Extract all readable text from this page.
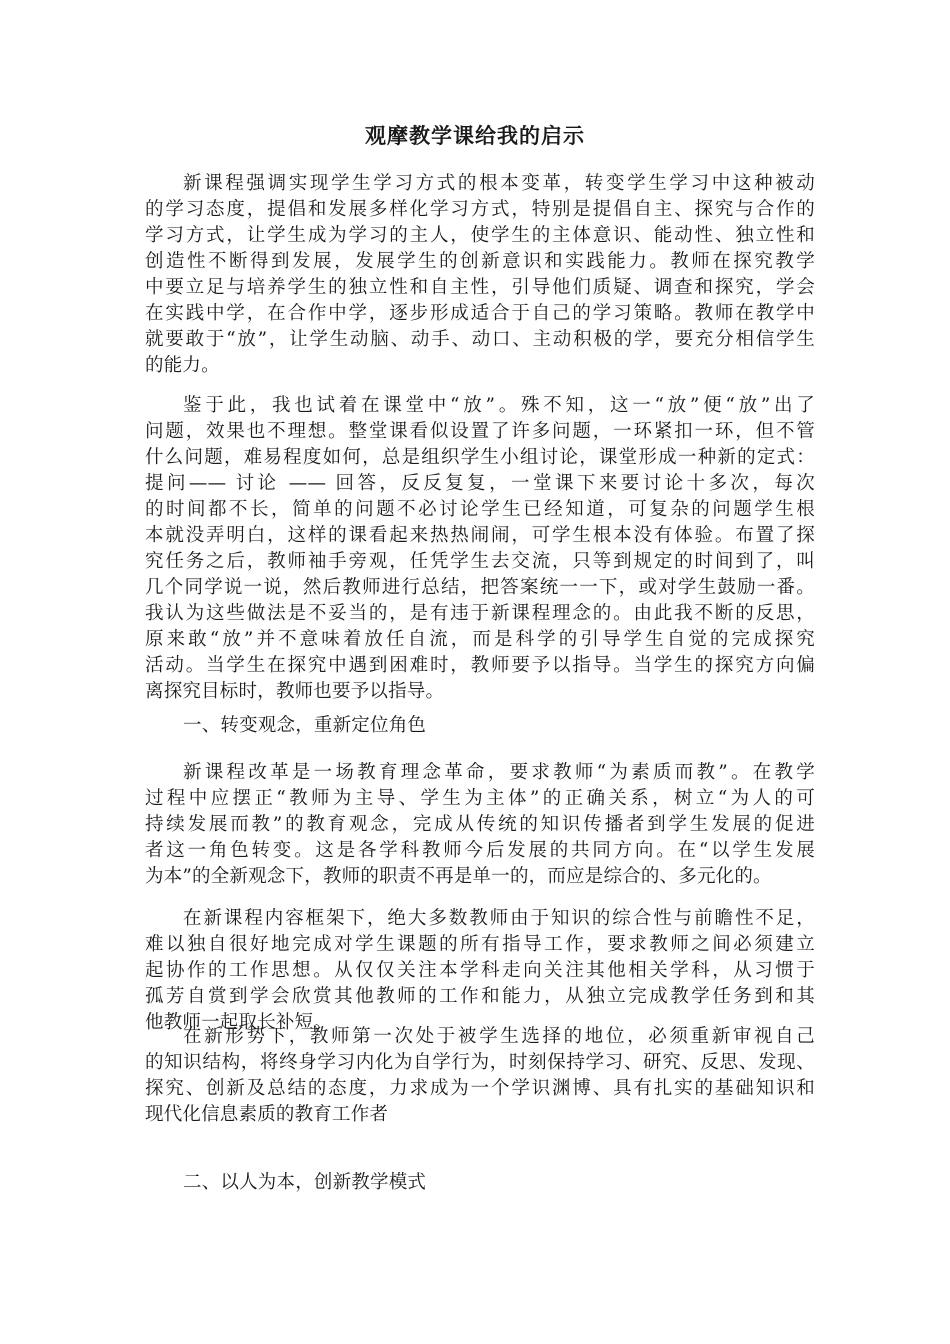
观摩教学课给我的启示
新课程强调实现学生学习方式的根本变革，转变学生学习中这种被动
的学习态度，提倡和发展多样化学习方式，特别是提倡自主、探究与合作的
学习方式，让学生成为学习的主人，使学生的主体意识、能动性、独立性和
创造性不断得到发展，发展学生的创新意识和实践能力。教师在探究教学
中要立足与培养学生的独立性和自主性，引导他们质疑、调查和探究，学会
在实践中学，在合作中学，逐步形成适合于自己的学习策略。教师在教学中
就要敢于“放”，让学生动脑、动手、动口、主动积极的学，要充分相信学生
的能力。
鉴于此，我也试着在课堂中“放”。殊不知，这一“放”便“放”出了
问题，效果也不理想。整堂课看似设置了许多问题，一环紧扣一环，但不管
什么问题，难易程度如何，总是组织学生小组讨论，课堂形成一种新的定式：
提问—— 讨论 —— 回答，反反复复，一堂课下来要讨论十多次，每次
的时间都不长，简单的问题不必讨论学生已经知道，可复杂的问题学生根
本就没弄明白，这样的课看起来热热闹闹，可学生根本没有体验。布置了探
究任务之后，教师袖手旁观，任凭学生去交流，只等到规定的时间到了，叫
几个同学说一说，然后教师进行总结，把答案统一一下，或对学生鼓励一番。
我认为这些做法是不妥当的，是有违于新课程理念的。由此我不断的反思，
原来敢“放”并不意味着放任自流，而是科学的引导学生自觉的完成探究
活动。当学生在探究中遇到困难时，教师要予以指导。当学生的探究方向偏
离探究目标时，教师也要予以指导。
一、转变观念，重新定位角色
新课程改革是一场教育理念革命，要求教师“为素质而教”。在教学
过程中应摆正“教师为主导、学生为主体”的正确关系，树立“为人的可
持续发展而教”的教育观念，完成从传统的知识传播者到学生发展的促进
者这一角色转变。这是各学科教师今后发展的共同方向。在“以学生发展
为本”的全新观念下，教师的职责不再是单一的，而应是综合的、多元化的。
在新课程内容框架下，绝大多数教师由于知识的综合性与前瞻性不足，
难以独自很好地完成对学生课题的所有指导工作，要求教师之间必须建立
起协作的工作思想。从仅仅关注本学科走向关注其他相关学科，从习惯于
孤芳自赏到学会欣赏其他教师的工作和能力，从独立完成教学任务到和其
他教师一起取长补短。
在新形势下，教师第一次处于被学生选择的地位，必须重新审视自己
的知识结构，将终身学习内化为自学行为，时刻保持学习、研究、反思、发现、
探究、创新及总结的态度，力求成为一个学识渊博、具有扎实的基础知识和
现代化信息素质的教育工作者
二、以人为本，创新教学模式
